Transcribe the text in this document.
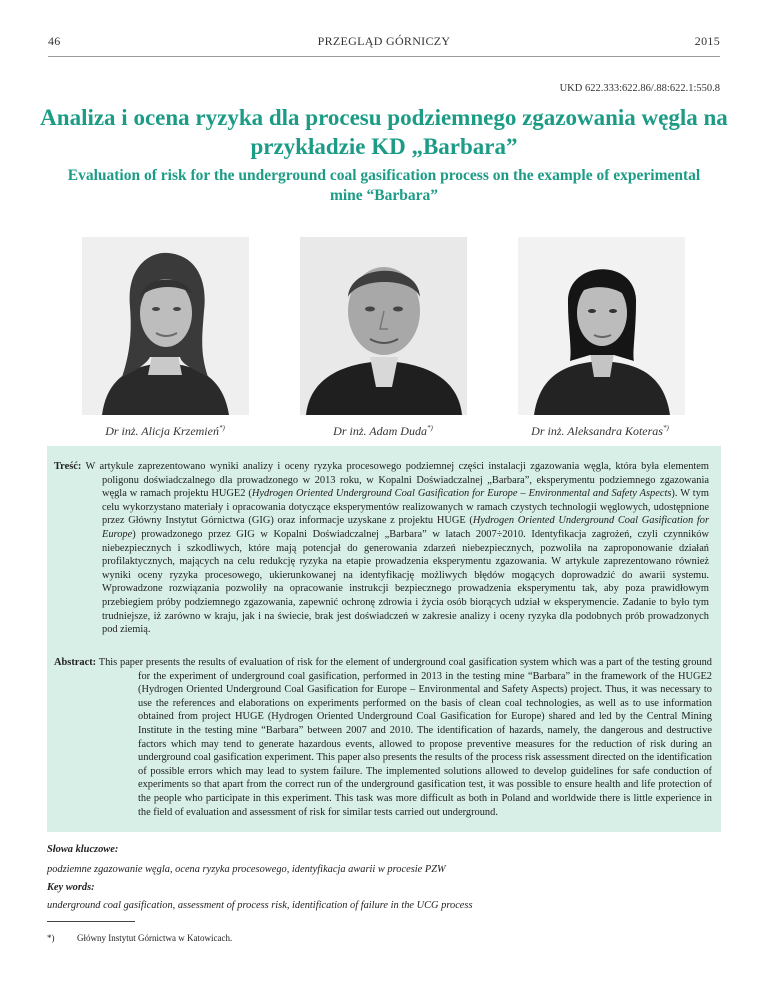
46	PRZEGLĄD GÓRNICZY	2015
UKD 622.333:622.86/.88:622.1:550.8
Analiza i ocena ryzyka dla procesu podziemnego zgazowania węgla na przykładzie KD „Barbara”
Evaluation of risk for the underground coal gasification process on the example of experimental mine “Barbara”
Dr inż. Alicja Krzemień*)	Dr inż. Adam Duda*)	Dr inż. Aleksandra Koteras*)
Treść: W artykule zaprezentowano wyniki analizy i oceny ryzyka procesowego podziemnej części instalacji zgazowania węgla, która była elementem poligonu doświadczalnego dla prowadzonego w 2013 roku, w Kopalni Doświadczalnej „Barbara”, eksperymentu podziemnego zgazowania węgla w ramach projektu HUGE2 (Hydrogen Oriented Underground Coal Gasification for Europe – Environmental and Safety Aspects). W tym celu wykorzystano materiały i opracowania dotyczące eksperymentów realizowanych w ramach czystych technologii węglowych, udostępnione przez Główny Instytut Górnictwa (GIG) oraz informacje uzyskane z projektu HUGE (Hydrogen Oriented Underground Coal Gasification for Europe) prowadzonego przez GIG w Kopalni Doświadczalnej „Barbara” w latach 2007÷2010. Identyfikacja zagrożeń, czyli czynników niebezpiecznych i szkodliwych, które mają potencjał do generowania zdarzeń niebezpiecznych, pozwoliła na zaproponowanie działań profilaktycznych, mających na celu redukcję ryzyka na etapie prowadzenia eksperymentu zgazowania. W artykule zaprezentowano również wyniki oceny ryzyka procesowego, ukierunkowanej na identyfikację możliwych błędów mogących doprowadzić do awarii systemu. Wprowadzone rozwiązania pozwoliły na opracowanie instrukcji bezpiecznego prowadzenia eksperymentu tak, aby poza prawidłowym przebiegiem próby podziemnego zgazowania, zapewnić ochronę zdrowia i życia osób biorących udział w eksperymencie. Zadanie to było tym trudniejsze, iż zarówno w kraju, jak i na świecie, brak jest doświadczeń w zakresie analizy i oceny ryzyka dla podobnych prób prowadzonych pod ziemią.
Abstract: This paper presents the results of evaluation of risk for the element of underground coal gasification system which was a part of the testing ground for the experiment of underground coal gasification, performed in 2013 in the testing mine “Barbara” in the framework of the HUGE2 (Hydrogen Oriented Underground Coal Gasification for Europe – Environmental and Safety Aspects) project. Thus, it was necessary to use the references and elaborations on experiments performed on the basis of clean coal technologies, as well as to use information obtained from project HUGE (Hydrogen Oriented Underground Coal Gasification for Europe) shared and led by the Central Mining Institute in the testing mine “Barbara” between 2007 and 2010. The identification of hazards, namely, the dangerous and destructive factors which may tend to generate hazardous events, allowed to propose preventive measures for the reduction of risk during an underground coal gasification experiment. This paper also presents the results of the process risk assessment directed on the identification of possible errors which may lead to system failure. The implemented solutions allowed to develop guidelines for safe conduction of experiments so that apart from the correct run of the underground gasification test, it was possible to ensure health and life protection of the people who participate in this experiment. This task was more difficult as both in Poland and worldwide there is little experience in the field of evaluation and assessment of risk for similar tests carried out underground.
Słowa kluczowe:
podziemne zgazowanie węgla, ocena ryzyka procesowego, identyfikacja awarii w procesie PZW
Key words:
underground coal gasification, assessment of process risk, identification of failure in the UCG process
*)	Główny Instytut Górnictwa w Katowicach.
